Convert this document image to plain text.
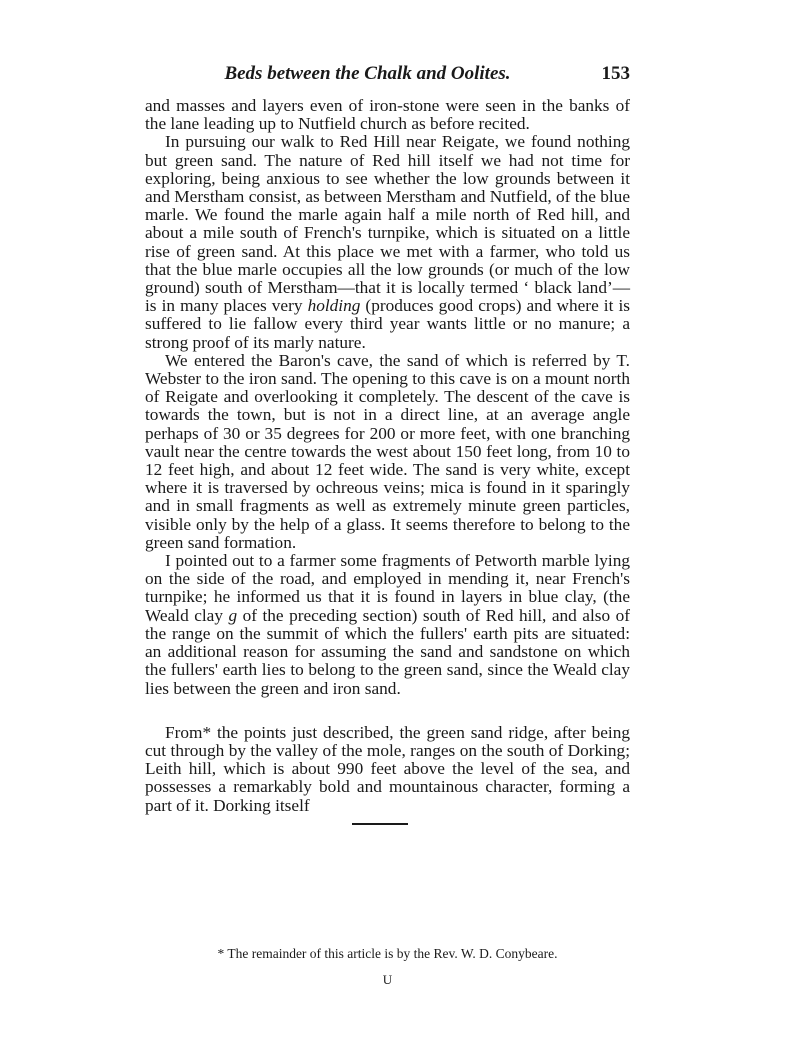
Beds between the Chalk and Oolites.	153

and masses and layers even of iron-stone were seen in the banks of the lane leading up to Nutfield church as before recited.

In pursuing our walk to Red Hill near Reigate, we found nothing but green sand. The nature of Red hill itself we had not time for exploring, being anxious to see whether the low grounds between it and Merstham consist, as between Merstham and Nutfield, of the blue marle. We found the marle again half a mile north of Red hill, and about a mile south of French's turnpike, which is situated on a little rise of green sand. At this place we met with a farmer, who told us that the blue marle occupies all the low grounds (or much of the low ground) south of Merstham—that it is locally termed ‘ black land’—is in many places very holding (produces good crops) and where it is suffered to lie fallow every third year wants little or no manure; a strong proof of its marly nature.

We entered the Baron's cave, the sand of which is referred by T. Webster to the iron sand. The opening to this cave is on a mount north of Reigate and overlooking it completely. The descent of the cave is towards the town, but is not in a direct line, at an average angle perhaps of 30 or 35 degrees for 200 or more feet, with one branching vault near the centre towards the west about 150 feet long, from 10 to 12 feet high, and about 12 feet wide. The sand is very white, except where it is traversed by ochreous veins; mica is found in it sparingly and in small fragments as well as extremely minute green particles, visible only by the help of a glass. It seems therefore to belong to the green sand formation.

I pointed out to a farmer some fragments of Petworth marble lying on the side of the road, and employed in mending it, near French's turnpike; he informed us that it is found in layers in blue clay, (the Weald clay g of the preceding section) south of Red hill, and also of the range on the summit of which the fullers' earth pits are situated: an additional reason for assuming the sand and sandstone on which the fullers' earth lies to belong to the green sand, since the Weald clay lies between the green and iron sand.

From* the points just described, the green sand ridge, after being cut through by the valley of the mole, ranges on the south of Dorking; Leith hill, which is about 990 feet above the level of the sea, and possesses a remarkably bold and mountainous character, forming a part of it. Dorking itself

* The remainder of this article is by the Rev. W. D. Conybeare.
U
